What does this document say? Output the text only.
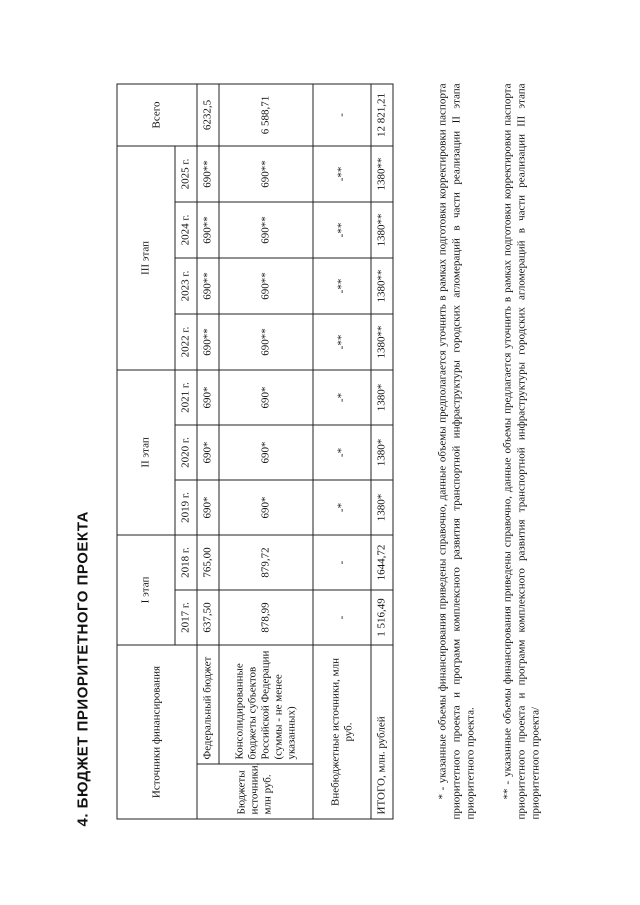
4. БЮДЖЕТ ПРИОРИТЕТНОГО ПРОЕКТА	Источники финансирования		I этап		II этап			III этап				Всего
		2017 г.	2018 г.	2019 г.	2020 г.	2021 г.	2022 г.	2023 г.	2024 г.	2025 г.	
Бюджеты источники, млн руб.	Федеральный бюджет	637,50	765,00	690*	690*	690*	690**	690**	690**	690**	6232,5
	Консолидированные бюджеты субъектов Российской Федерации (суммы - не менее указанных)	878,99	879,72	690*	690*	690*	690**	690**	690**	690**	6 588,71
Внебюджетные источники, млн руб.		-	-	-*	-*	-*	-**	-**	-**	-**	-
ИТОГО, млн. рублей		1 516,49	1644,72	1380*	1380*	1380*	1380**	1380**	1380**	1380**	12 821,21
* - указанные объемы финансирования приведены справочно, данные объемы предполагается уточнить в рамках подготовки корректировки паспорта приоритетного проекта и программ комплексного развития транспортной инфраструктуры городских агломераций в части реализации II этапа приоритетного проекта. ** - указанные объемы финансирования приведены справочно, данные объемы предлагается уточнить в рамках подготовки корректировки паспорта приоритетного проекта и программ комплексного развития транспортной инфраструктуры городских агломераций в части реализации III этапа приоритетного проекта/
